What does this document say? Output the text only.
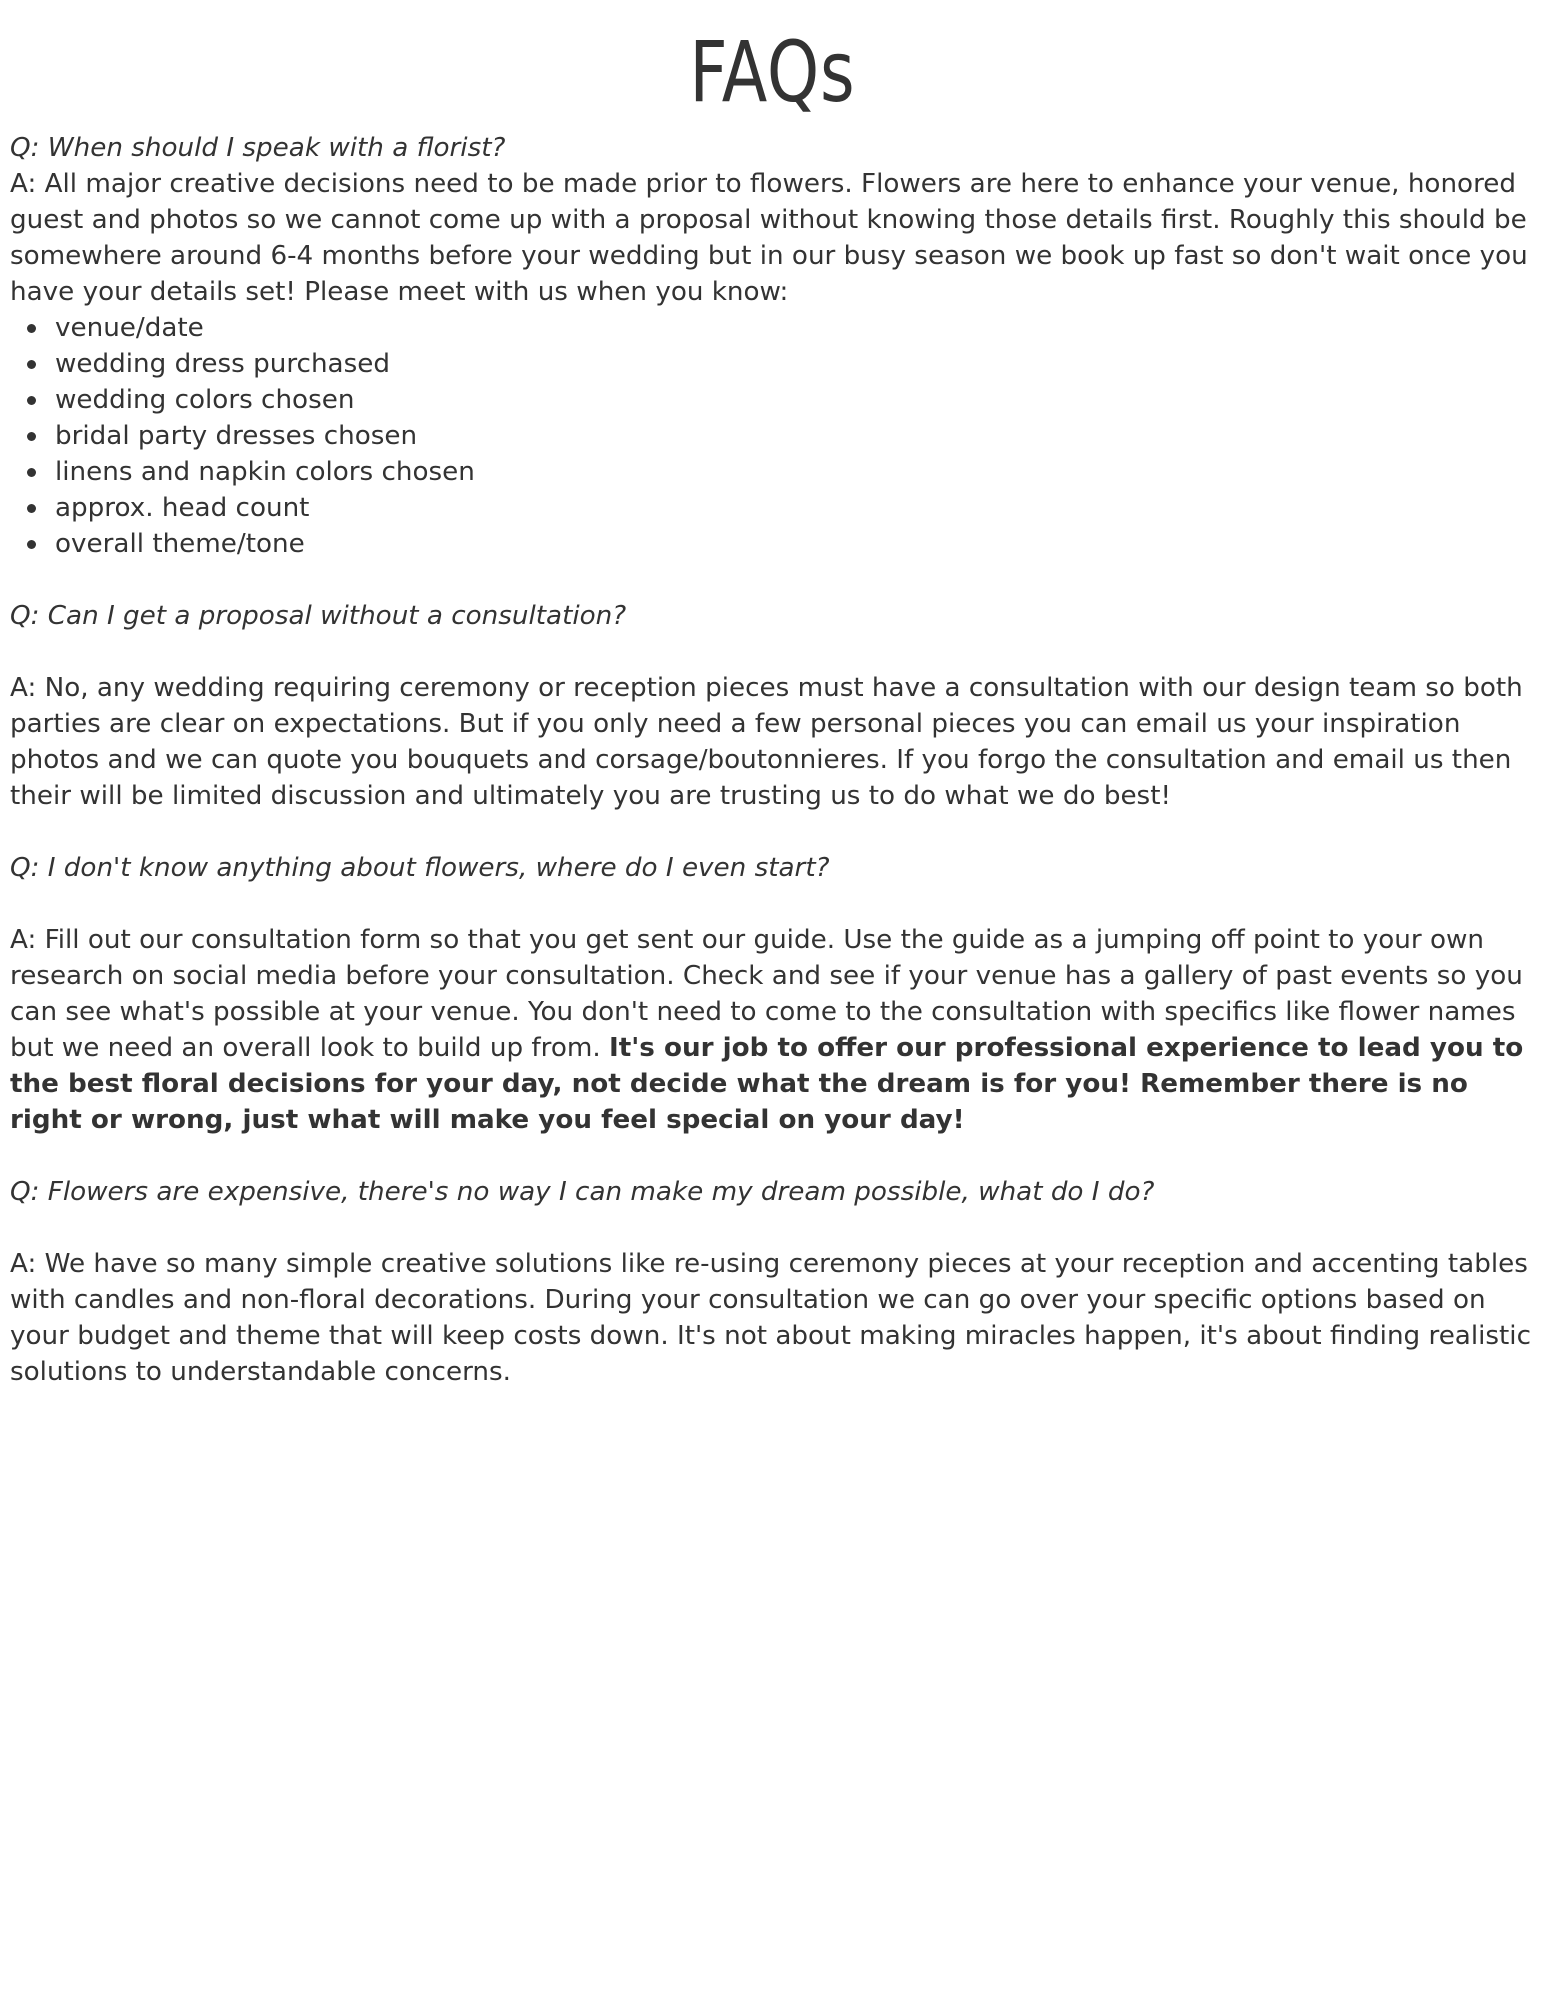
FAQs

Q: When should I speak with a florist?

A: All major creative decisions need to be made prior to flowers. Flowers are here to enhance your venue, honored guest and photos so we cannot come up with a proposal without knowing those details first. Roughly this should be somewhere around 6-4 months before your wedding but in our busy season we book up fast so don't wait once you have your details set! Please meet with us when you know:

venue/date
wedding dress purchased
wedding colors chosen
bridal party dresses chosen
linens and napkin colors chosen
approx. head count
overall theme/tone

Q: Can I get a proposal without a consultation?

A: No, any wedding requiring ceremony or reception pieces must have a consultation with our design team so both parties are clear on expectations. But if you only need a few personal pieces you can email us your inspiration photos and we can quote you bouquets and corsage/boutonnieres. If you forgo the consultation and email us then their will be limited discussion and ultimately you are trusting us to do what we do best!

Q: I don't know anything about flowers, where do I even start?

A: Fill out our consultation form so that you get sent our guide. Use the guide as a jumping off point to your own research on social media before your consultation. Check and see if your venue has a gallery of past events so you can see what's possible at your venue. You don't need to come to the consultation with specifics like flower names but we need an overall look to build up from. It's our job to offer our professional experience to lead you to the best floral decisions for your day, not decide what the dream is for you! Remember there is no right or wrong, just what will make you feel special on your day!

Q: Flowers are expensive, there's no way I can make my dream possible, what do I do?

A: We have so many simple creative solutions like re-using ceremony pieces at your reception and accenting tables with candles and non-floral decorations. During your consultation we can go over your specific options based on your budget and theme that will keep costs down. It's not about making miracles happen, it's about finding realistic solutions to understandable concerns.
